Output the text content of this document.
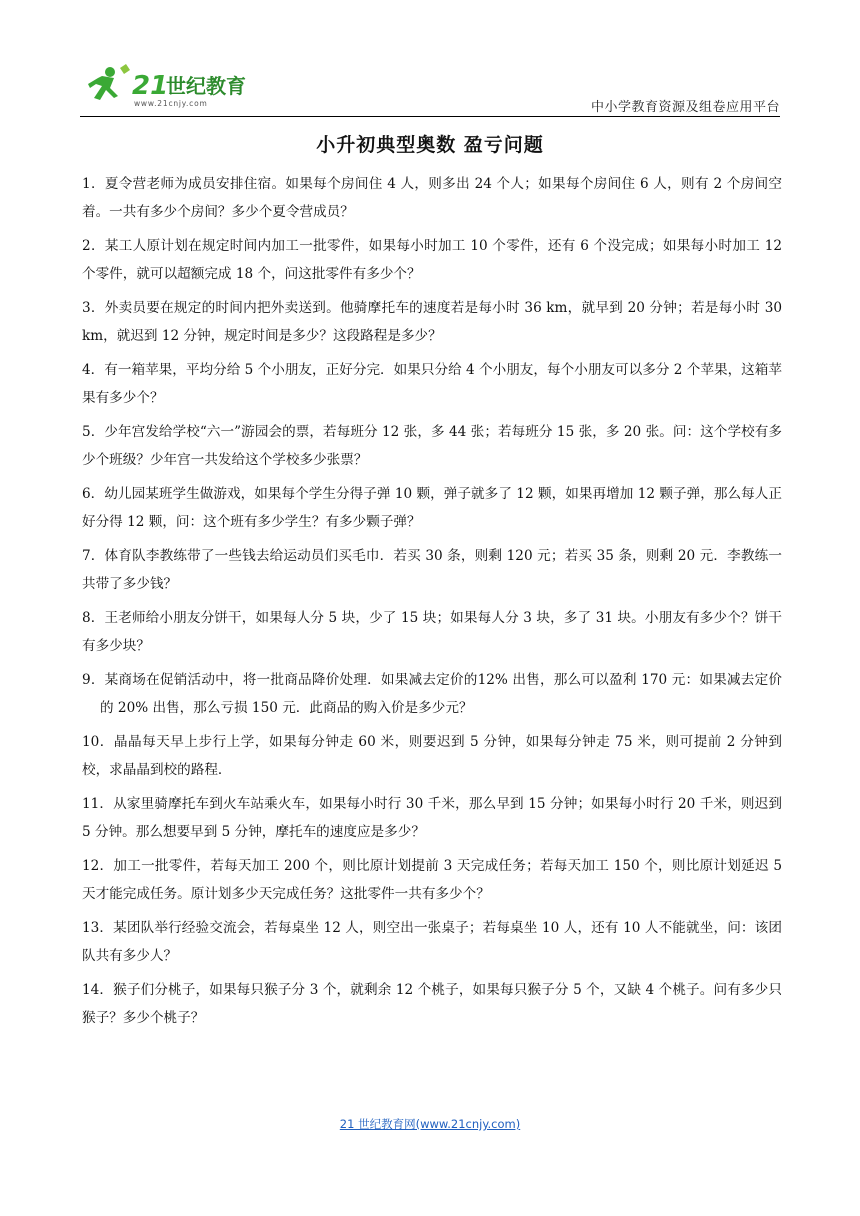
21
世纪教育
www.21cnjy.com	中小学教育资源及组卷应用平台
小升初典型奥数 盈亏问题
1．夏令营老师为成员安排住宿。如果每个房间住 4 人，则多出 24 个人；如果每个房间住 6 人，则有 2 个房间空着。一共有多少个房间？多少个夏令营成员？
2．某工人原计划在规定时间内加工一批零件，如果每小时加工 10 个零件，还有 6 个没完成；如果每小时加工 12 个零件，就可以超额完成 18 个，问这批零件有多少个？
3．外卖员要在规定的时间内把外卖送到。他骑摩托车的速度若是每小时 36 km，就早到 20 分钟；若是每小时 30 km，就迟到 12 分钟，规定时间是多少？这段路程是多少？
4．有一箱苹果，平均分给 5 个小朋友，正好分完．如果只分给 4 个小朋友，每个小朋友可以多分 2 个苹果，这箱苹果有多少个？
5．少年宫发给学校“六一”游园会的票，若每班分 12 张，多 44 张；若每班分 15 张，多 20 张。问：这个学校有多少个班级？少年宫一共发给这个学校多少张票？
6．幼儿园某班学生做游戏，如果每个学生分得子弹 10 颗，弹子就多了 12 颗，如果再增加 12 颗子弹，那么每人正好分得 12 颗，问：这个班有多少学生？有多少颗子弹？
7．体育队李教练带了一些钱去给运动员们买毛巾．若买 30 条，则剩 120 元；若买 35 条，则剩 20 元．李教练一共带了多少钱？
8．王老师给小朋友分饼干，如果每人分 5 块，少了 15 块；如果每人分 3 块，多了 31 块。小朋友有多少个？饼干有多少块？
9．某商场在促销活动中，将一批商品降价处理．如果减去定价的12% 出售，那么可以盈利 170 元：如果减去定价的 20% 出售，那么亏损 150 元．此商品的购入价是多少元？
10．晶晶每天早上步行上学，如果每分钟走 60 米，则要迟到 5 分钟，如果每分钟走 75 米，则可提前 2 分钟到校，求晶晶到校的路程．
11．从家里骑摩托车到火车站乘火车，如果每小时行 30 千米，那么早到 15 分钟；如果每小时行 20 千米，则迟到 5 分钟。那么想要早到 5 分钟，摩托车的速度应是多少？
12．加工一批零件，若每天加工 200 个，则比原计划提前 3 天完成任务；若每天加工 150 个，则比原计划延迟 5 天才能完成任务。原计划多少天完成任务？这批零件一共有多少个？
13．某团队举行经验交流会，若每桌坐 12 人，则空出一张桌子；若每桌坐 10 人，还有 10 人不能就坐，问：该团队共有多少人？
14．猴子们分桃子，如果每只猴子分 3 个，就剩余 12 个桃子，如果每只猴子分 5 个，又缺 4 个桃子。问有多少只猴子？多少个桃子？
21 世纪教育网(www.21cnjy.com)
